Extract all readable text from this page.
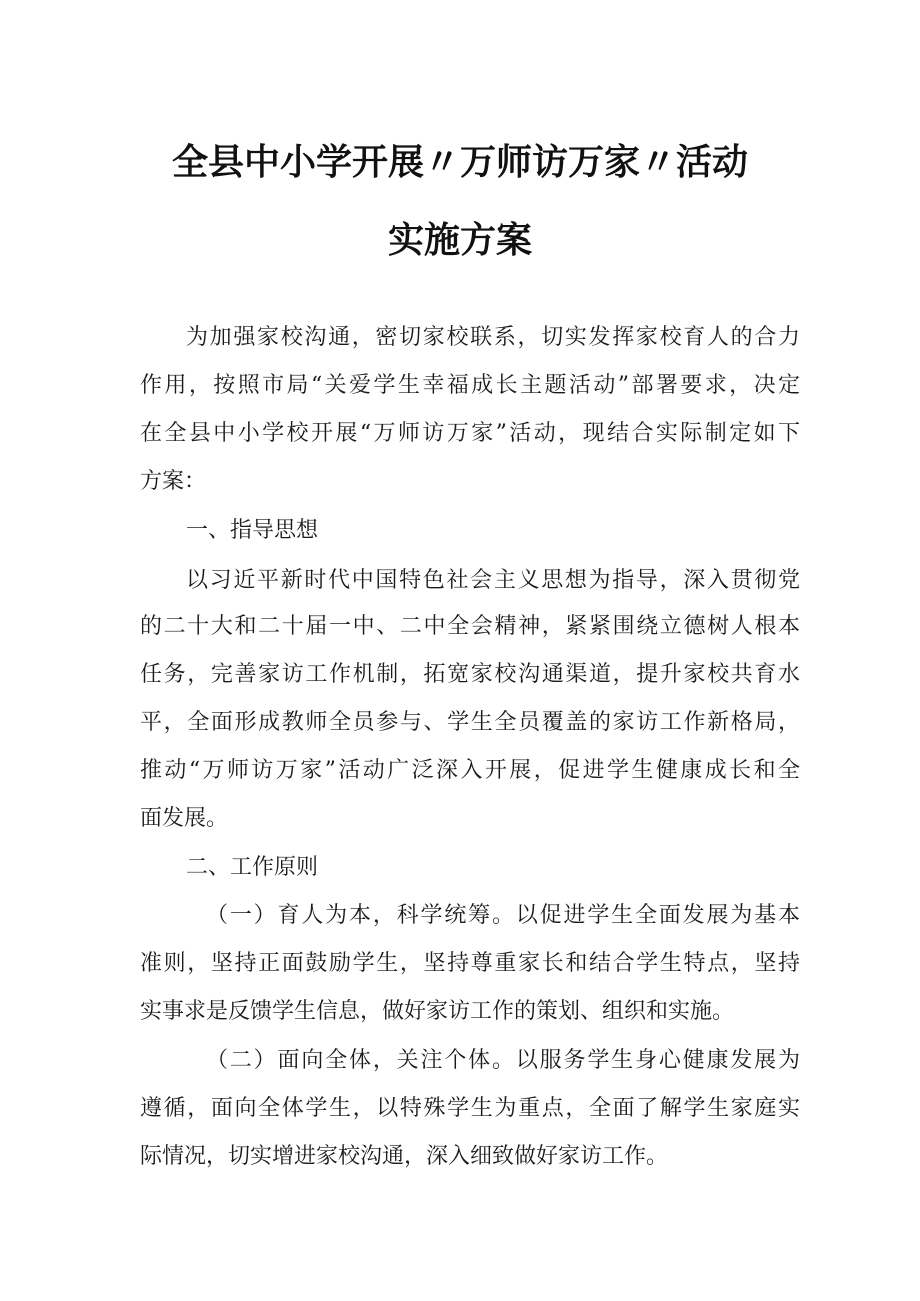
全县中小学开展〃万师访万家〃活动
实施方案
为加强家校沟通，密切家校联系，切实发挥家校育人的合力
作用，按照市局“关爱学生幸福成长主题活动”部署要求，决定
在全县中小学校开展“万师访万家”活动，现结合实际制定如下
方案：
一、指导思想
以习近平新时代中国特色社会主义思想为指导，深入贯彻党
的二十大和二十届一中、二中全会精神，紧紧围绕立德树人根本
任务，完善家访工作机制，拓宽家校沟通渠道，提升家校共育水
平，全面形成教师全员参与、学生全员覆盖的家访工作新格局，
推动“万师访万家”活动广泛深入开展，促进学生健康成长和全
面发展。
二、工作原则
（一）育人为本，科学统筹。以促进学生全面发展为基本
准则，坚持正面鼓励学生，坚持尊重家长和结合学生特点，坚持
实事求是反馈学生信息，做好家访工作的策划、组织和实施。
（二）面向全体，关注个体。以服务学生身心健康发展为
遵循，面向全体学生，以特殊学生为重点，全面了解学生家庭实
际情况，切实增进家校沟通，深入细致做好家访工作。
